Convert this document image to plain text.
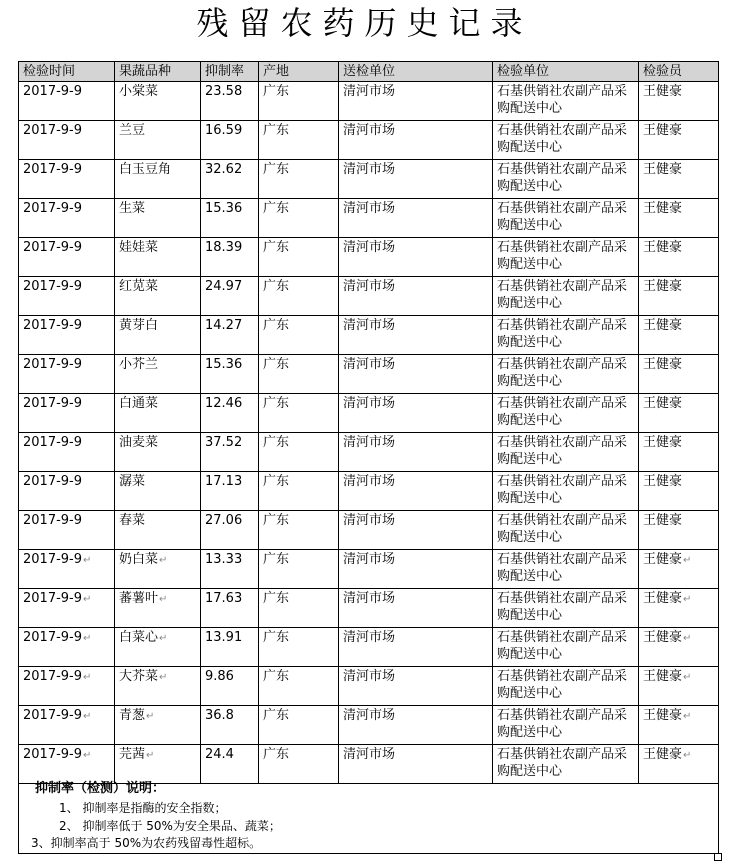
残留农药历史记录
检验时间	果蔬品种	抑制率	产地	送检单位	检验单位	检验员
2017-9-9	小棠菜	23.58	广东	清河市场	石基供销社农副产品采购配送中心	王健豪
2017-9-9	兰豆	16.59	广东	清河市场	石基供销社农副产品采购配送中心	王健豪
2017-9-9	白玉豆角	32.62	广东	清河市场	石基供销社农副产品采购配送中心	王健豪
2017-9-9	生菜	15.36	广东	清河市场	石基供销社农副产品采购配送中心	王健豪
2017-9-9	娃娃菜	18.39	广东	清河市场	石基供销社农副产品采购配送中心	王健豪
2017-9-9	红苋菜	24.97	广东	清河市场	石基供销社农副产品采购配送中心	王健豪
2017-9-9	黄芽白	14.27	广东	清河市场	石基供销社农副产品采购配送中心	王健豪
2017-9-9	小芥兰	15.36	广东	清河市场	石基供销社农副产品采购配送中心	王健豪
2017-9-9	白通菜	12.46	广东	清河市场	石基供销社农副产品采购配送中心	王健豪
2017-9-9	油麦菜	37.52	广东	清河市场	石基供销社农副产品采购配送中心	王健豪
2017-9-9	潺菜	17.13	广东	清河市场	石基供销社农副产品采购配送中心	王健豪
2017-9-9	春菜	27.06	广东	清河市场	石基供销社农副产品采购配送中心	王健豪
2017-9-9↵	奶白菜↵	13.33	广东	清河市场	石基供销社农副产品采购配送中心	王健豪↵
2017-9-9↵	蕃薯叶↵	17.63	广东	清河市场	石基供销社农副产品采购配送中心	王健豪↵
2017-9-9↵	白菜心↵	13.91	广东	清河市场	石基供销社农副产品采购配送中心	王健豪↵
2017-9-9↵	大芥菜↵	9.86	广东	清河市场	石基供销社农副产品采购配送中心	王健豪↵
2017-9-9↵	青葱↵	36.8	广东	清河市场	石基供销社农副产品采购配送中心	王健豪↵
2017-9-9↵	芫茜↵	24.4	广东	清河市场	石基供销社农副产品采购配送中心	王健豪↵
抑制率（检测）说明：
1、 抑制率是指酶的安全指数；
2、 抑制率低于 50%为安全果品、蔬菜；
3、抑制率高于 50%为农药残留毒性超标。
